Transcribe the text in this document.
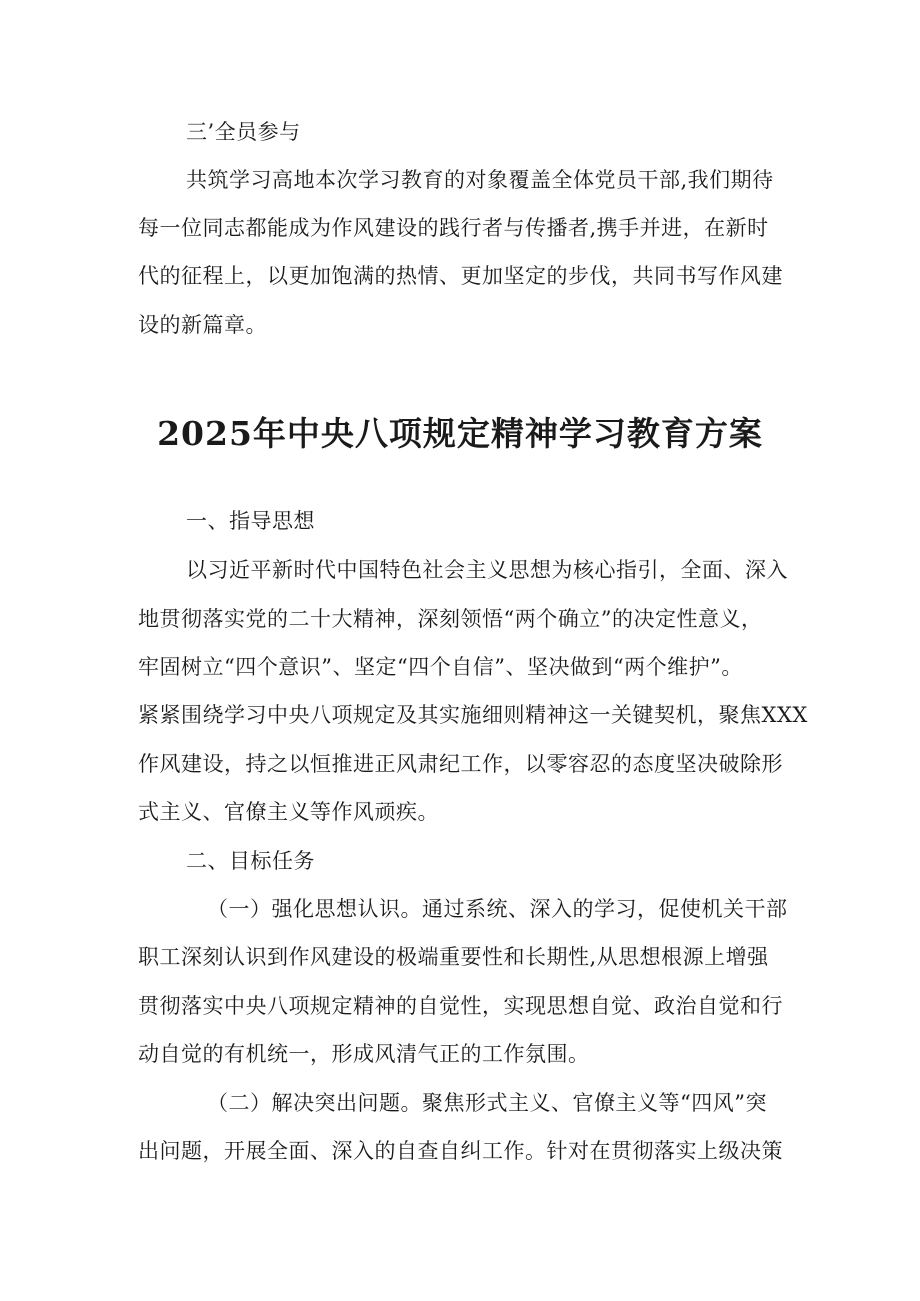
三’全员参与
共筑学习高地本次学习教育的对象覆盖全体党员干部,我们期待
每一位同志都能成为作风建设的践行者与传播者,携手并进，在新时
代的征程上，以更加饱满的热情、更加坚定的步伐，共同书写作风建
设的新篇章。
2025年中央八项规定精神学习教育方案
一、指导思想
以习近平新时代中国特色社会主义思想为核心指引，全面、深入
地贯彻落实党的二十大精神，深刻领悟“两个确立”的决定性意义，
牢固树立“四个意识”、坚定“四个自信”、坚决做到“两个维护”。
紧紧围绕学习中央八项规定及其实施细则精神这一关键契机，聚焦XXX
作风建设，持之以恒推进正风肃纪工作，以零容忍的态度坚决破除形
式主义、官僚主义等作风顽疾。
二、目标任务
（一）强化思想认识。通过系统、深入的学习，促使机关干部
职工深刻认识到作风建设的极端重要性和长期性,从思想根源上增强
贯彻落实中央八项规定精神的自觉性，实现思想自觉、政治自觉和行
动自觉的有机统一，形成风清气正的工作氛围。
（二）解决突出问题。聚焦形式主义、官僚主义等“四风”突
出问题，开展全面、深入的自查自纠工作。针对在贯彻落实上级决策
